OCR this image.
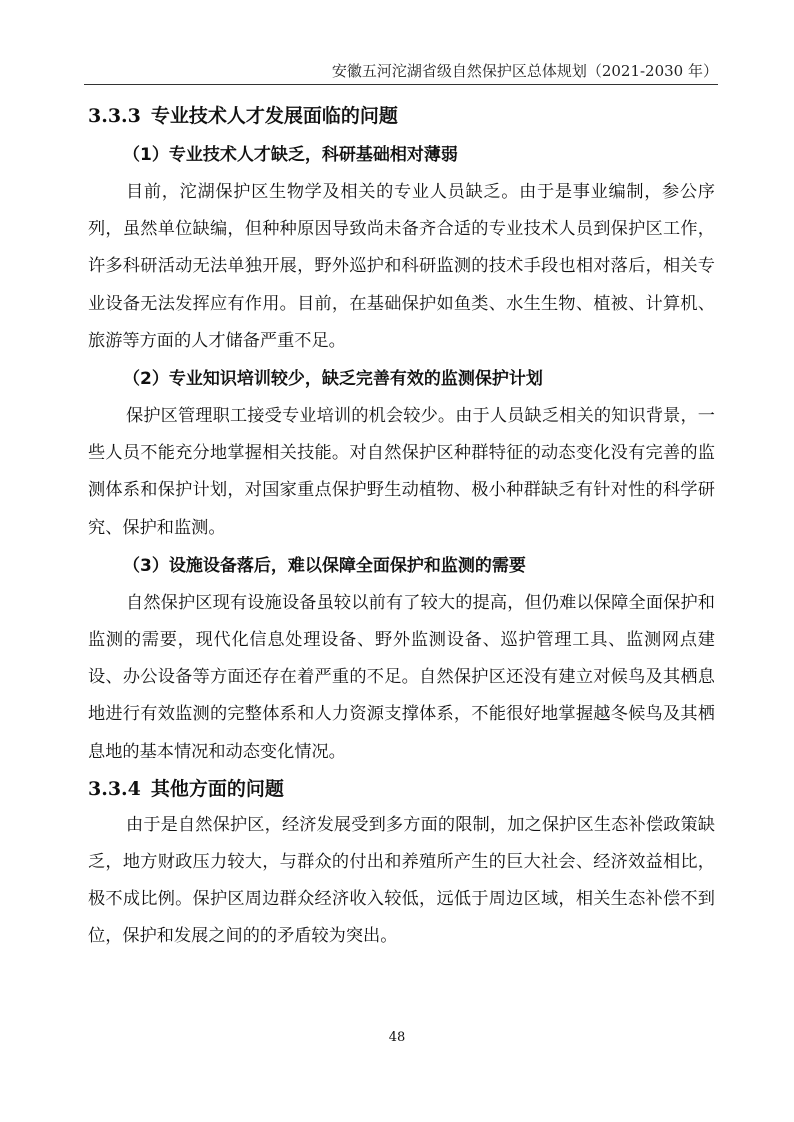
安徽五河沱湖省级自然保护区总体规划（2021-2030 年）
3.3.3 专业技术人才发展面临的问题
（1）专业技术人才缺乏，科研基础相对薄弱

目前，沱湖保护区生物学及相关的专业人员缺乏。由于是事业编制，参公序列，虽然单位缺编，但种种原因导致尚未备齐合适的专业技术人员到保护区工作，许多科研活动无法单独开展，野外巡护和科研监测的技术手段也相对落后，相关专业设备无法发挥应有作用。目前，在基础保护如鱼类、水生生物、植被、计算机、旅游等方面的人才储备严重不足。

（2）专业知识培训较少，缺乏完善有效的监测保护计划

保护区管理职工接受专业培训的机会较少。由于人员缺乏相关的知识背景，一些人员不能充分地掌握相关技能。对自然保护区种群特征的动态变化没有完善的监测体系和保护计划，对国家重点保护野生动植物、极小种群缺乏有针对性的科学研究、保护和监测。

（3）设施设备落后，难以保障全面保护和监测的需要

自然保护区现有设施设备虽较以前有了较大的提高，但仍难以保障全面保护和监测的需要，现代化信息处理设备、野外监测设备、巡护管理工具、监测网点建设、办公设备等方面还存在着严重的不足。自然保护区还没有建立对候鸟及其栖息地进行有效监测的完整体系和人力资源支撑体系，不能很好地掌握越冬候鸟及其栖息地的基本情况和动态变化情况。

3.3.4 其他方面的问题

由于是自然保护区，经济发展受到多方面的限制，加之保护区生态补偿政策缺乏，地方财政压力较大，与群众的付出和养殖所产生的巨大社会、经济效益相比，极不成比例。保护区周边群众经济收入较低，远低于周边区域，相关生态补偿不到位，保护和发展之间的的矛盾较为突出。

48
